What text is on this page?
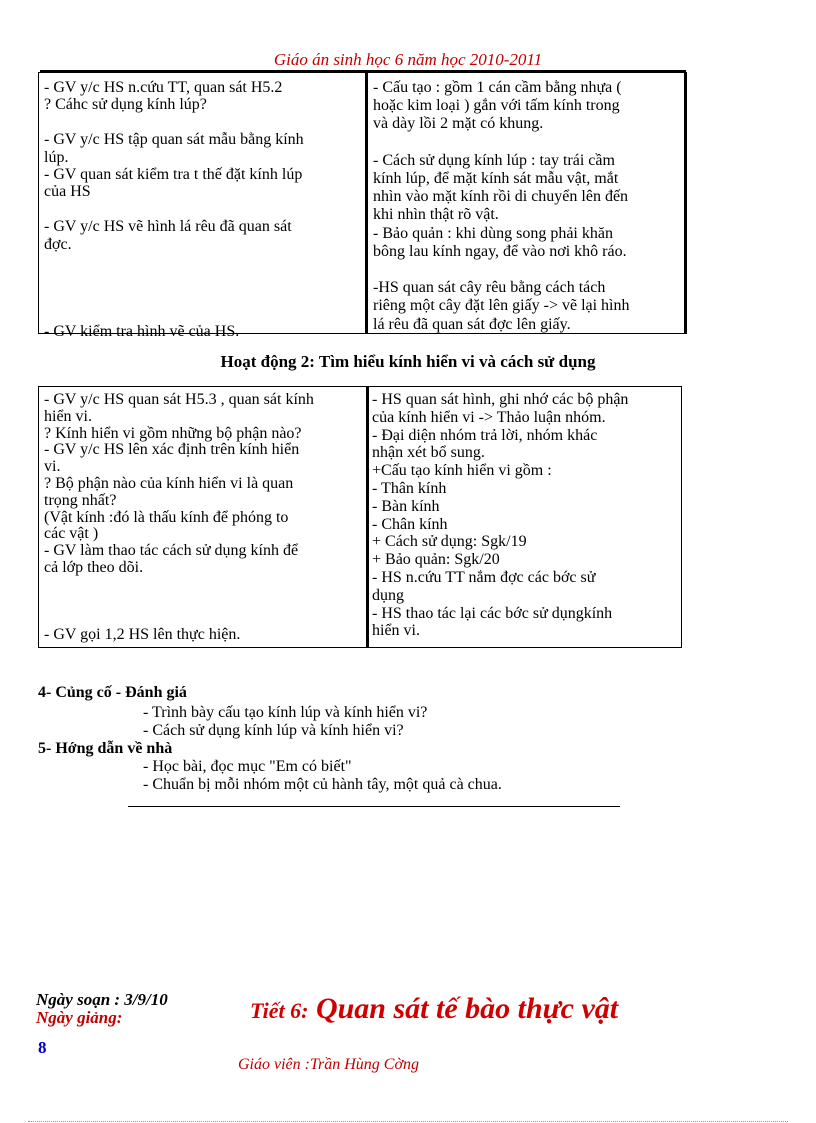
Giáo án sinh học 6 năm học 2010-2011
- GV y/c HS n.cứu TT, quan sát H5.2
? Cáhc sử dụng kính lúp?
- GV y/c HS tập quan sát mẫu bằng kính
lúp.
- GV quan sát kiểm tra t thế đặt kính lúp
của HS
- GV y/c HS vẽ hình lá rêu đã quan sát
đợc.
- GV kiểm tra hình vẽ của HS.
- Cấu tạo : gồm 1 cán cầm bằng nhựa (
hoặc kim loại ) gắn với tấm kính trong
và dày lồi 2 mặt có khung.
- Cách sử dụng kính lúp : tay trái cầm
kính lúp, để mặt kính sát mẫu vật, mắt
nhìn vào mặt kính rồi di chuyển lên đến
khi nhìn thật rõ vật.
- Bảo quản : khi dùng song phải khăn
bông lau kính ngay, để vào nơi khô ráo.
-HS quan sát cây rêu bằng cách tách
riêng một cây đặt lên giấy -> vẽ lại hình
lá rêu đã quan sát đợc lên giấy.
Hoạt động 2: Tìm hiểu kính hiển vi và cách sử dụng
- GV y/c HS quan sát H5.3 , quan sát kính
hiển vi.
? Kính hiển vi gồm những bộ phận nào?
- GV y/c HS lên xác định trên kính hiển
vi.
? Bộ phận nào của kính hiển vi là quan
trọng nhất?
(Vật kính :đó là thấu kính để phóng to
các vật )
- GV làm thao tác cách sử dụng kính để
cả lớp theo dõi.
- GV gọi 1,2 HS lên thực hiện.
- HS quan sát hình, ghi nhớ các bộ phận
của kính hiển vi -> Thảo luận nhóm.
- Đại diện nhóm trả lời, nhóm khác
nhận xét bổ sung.
+Cấu tạo kính hiển vi gồm :
- Thân kính
- Bàn kính
- Chân kính
+ Cách sử dụng: Sgk/19
+ Bảo quản: Sgk/20
- HS n.cứu TT nắm đợc các bớc sử
dụng
- HS thao tác lại các bớc sử dụngkính
hiển vi.
4- Củng cố - Đánh giá
- Trình bày cấu tạo kính lúp và kính hiển vi?
- Cách sử dụng kính lúp và kính hiển vi?
5- Hớng dẫn về nhà
- Học bài, đọc mục "Em có biết"
- Chuẩn bị mỗi nhóm một củ hành tây, một quả cà chua.
Ngày soạn : 3/9/10
Ngày giảng:	Tiết 6: Quan sát tế bào thực vật
8
Giáo viên :Trần Hùng Cờng
